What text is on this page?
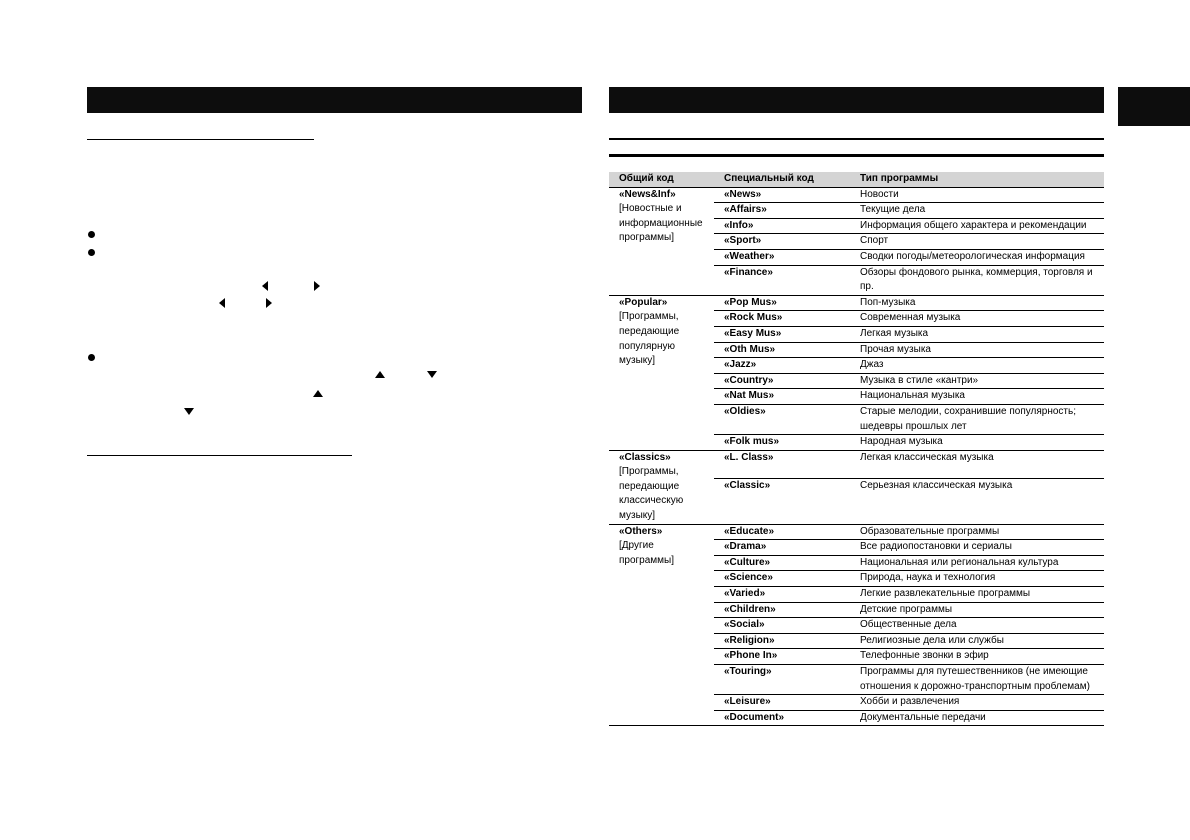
Общий код	Специальный код	Тип программы

«News&Inf»
[Новостные и
информационные
программы]	«News»	Новости
	«Affairs»	Текущие дела
	«Info»	Информация общего характера и рекомендации
	«Sport»	Спорт
	«Weather»	Сводки погоды/метеорологическая информация
	«Finance»	Обзоры фондового рынка, коммерция, торговля и пр.

«Popular»
[Программы,
передающие
популярную
музыку]	«Pop Mus»	Поп-музыка
	«Rock Mus»	Современная музыка
	«Easy Mus»	Легкая музыка
	«Oth Mus»	Прочая музыка
	«Jazz»	Джаз
	«Country»	Музыка в стиле «кантри»
	«Nat Mus»	Национальная музыка
	«Oldies»	Старые мелодии, сохранившие популярность; шедевры прошлых лет
	«Folk mus»	Народная музыка

«Classics»
[Программы,
передающие
классическую
музыку]	«L. Class»	Легкая классическая музыка
	«Classic»	Серьезная классическая музыка

«Others»
[Другие
программы]	«Educate»	Образовательные программы
	«Drama»	Все радиопостановки и сериалы
	«Culture»	Национальная или региональная культура
	«Science»	Природа, наука и технология
	«Varied»	Легкие развлекательные программы
	«Children»	Детские программы
	«Social»	Общественные дела
	«Religion»	Религиозные дела или службы
	«Phone In»	Телефонные звонки в эфир
	«Touring»	Программы для путешественников (не имеющие отношения к дорожно-транспортным проблемам)
	«Leisure»	Хобби и развлечения
	«Document»	Документальные передачи
